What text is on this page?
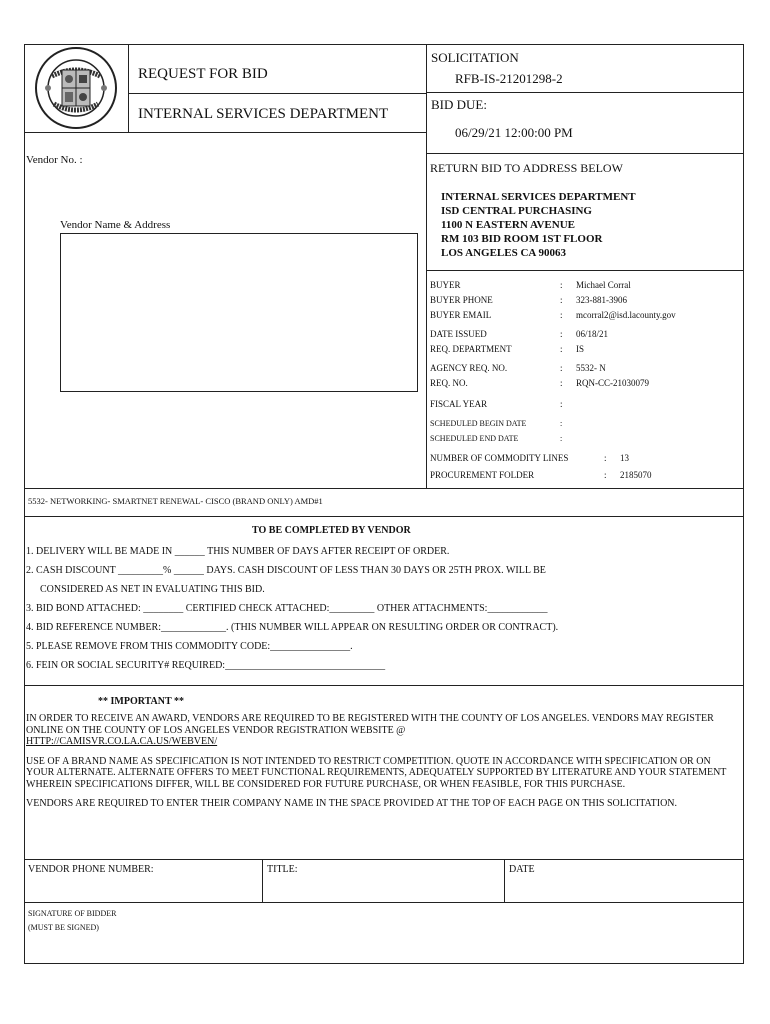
REQUEST FOR BID
INTERNAL SERVICES DEPARTMENT
SOLICITATION
RFB-IS-21201298-2
BID DUE:
06/29/21 12:00:00 PM
Vendor No. :
Vendor Name & Address
RETURN BID TO ADDRESS BELOW
INTERNAL SERVICES DEPARTMENT
ISD CENTRAL PURCHASING
1100 N EASTERN AVENUE
RM 103 BID ROOM 1ST FLOOR
LOS ANGELES CA 90063
BUYER	: Michael Corral
BUYER PHONE	: 323-881-3906
BUYER EMAIL	: mcorral2@isd.lacounty.gov
DATE ISSUED	: 06/18/21
REQ. DEPARTMENT	: IS
AGENCY REQ. NO.	: 5532- N
REQ. NO.	: RQN-CC-21030079
FISCAL YEAR	:
SCHEDULED BEGIN DATE	:
SCHEDULED END DATE	:
NUMBER OF COMMODITY LINES	: 13
PROCUREMENT FOLDER	: 2185070
5532- NETWORKING- SMARTNET RENEWAL- CISCO (BRAND ONLY) AMD#1
TO BE COMPLETED BY VENDOR
1. DELIVERY WILL BE MADE IN ______ THIS NUMBER OF DAYS AFTER RECEIPT OF ORDER.
2. CASH DISCOUNT _________% ______ DAYS. CASH DISCOUNT OF LESS THAN 30 DAYS OR 25TH PROX. WILL BE
CONSIDERED AS NET IN EVALUATING THIS BID.
3. BID BOND ATTACHED: ________ CERTIFIED CHECK ATTACHED:_________ OTHER ATTACHMENTS:____________
4. BID REFERENCE NUMBER:_____________. (THIS NUMBER WILL APPEAR ON RESULTING ORDER OR CONTRACT).
5. PLEASE REMOVE FROM THIS COMMODITY CODE:________________.
6. FEIN OR SOCIAL SECURITY# REQUIRED:________________________________
** IMPORTANT **
IN ORDER TO RECEIVE AN AWARD, VENDORS ARE REQUIRED TO BE REGISTERED WITH THE COUNTY OF LOS ANGELES. VENDORS MAY REGISTER ONLINE ON THE COUNTY OF LOS ANGELES VENDOR REGISTRATION WEBSITE @
HTTP://CAMISVR.CO.LA.CA.US/WEBVEN/
USE OF A BRAND NAME AS SPECIFICATION IS NOT INTENDED TO RESTRICT COMPETITION. QUOTE IN ACCORDANCE WITH SPECIFICATION OR ON YOUR ALTERNATE. ALTERNATE OFFERS TO MEET FUNCTIONAL REQUIREMENTS, ADEQUATELY SUPPORTED BY LITERATURE AND YOUR STATEMENT WHEREIN SPECIFICATIONS DIFFER, WILL BE CONSIDERED FOR FUTURE PURCHASE, OR WHEN FEASIBLE, FOR THIS PURCHASE.
VENDORS ARE REQUIRED TO ENTER THEIR COMPANY NAME IN THE SPACE PROVIDED AT THE TOP OF EACH PAGE ON THIS SOLICITATION.
VENDOR PHONE NUMBER:	TITLE:	DATE
SIGNATURE OF BIDDER
(MUST BE SIGNED)
